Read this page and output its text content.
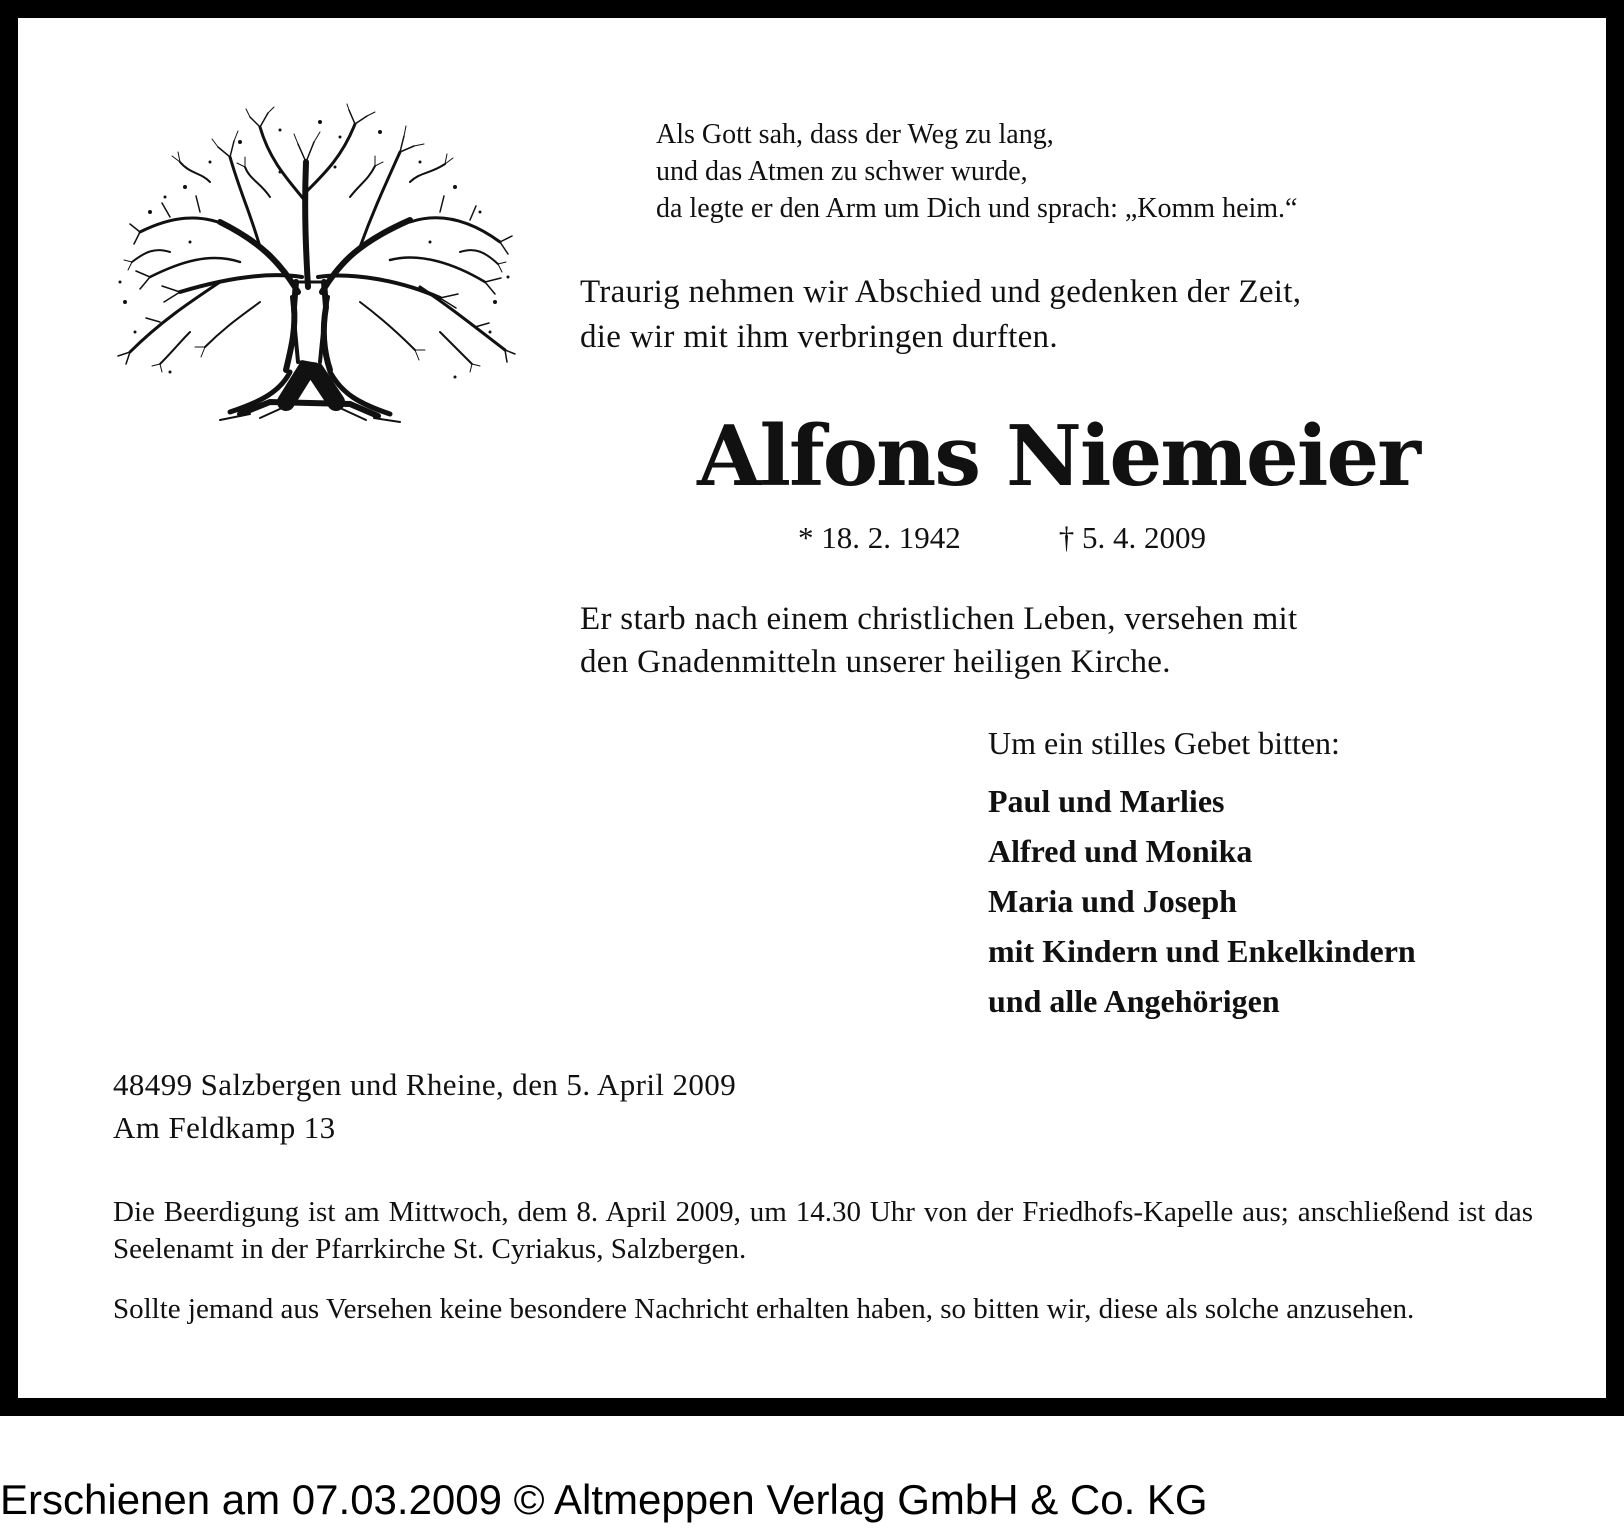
Als Gott sah, dass der Weg zu lang,
und das Atmen zu schwer wurde,
da legte er den Arm um Dich und sprach: „Komm heim.“
Traurig nehmen wir Abschied und gedenken der Zeit,
die wir mit ihm verbringen durften.
Alfons Niemeier
* 18. 2. 1942	† 5. 4. 2009
Er starb nach einem christlichen Leben, versehen mit
den Gnadenmitteln unserer heiligen Kirche.
Um ein stilles Gebet bitten:
Paul und Marlies
Alfred und Monika
Maria und Joseph
mit Kindern und Enkelkindern
und alle Angehörigen
48499 Salzbergen und Rheine, den 5. April 2009
Am Feldkamp 13
Die Beerdigung ist am Mittwoch, dem 8. April 2009, um 14.30 Uhr von der Friedhofs-Kapelle aus; anschließend ist das Seelenamt in der Pfarrkirche St. Cyriakus, Salzbergen.
Sollte jemand aus Versehen keine besondere Nachricht erhalten haben, so bitten wir, diese als solche anzusehen.
Erschienen am 07.03.2009 © Altmeppen Verlag GmbH & Co. KG
